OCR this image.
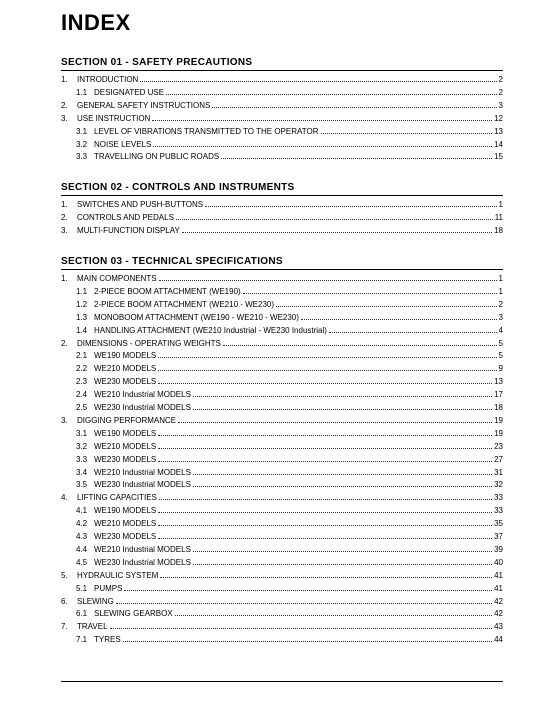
INDEX
SECTION 01 - SAFETY PRECAUTIONS
1.	INTRODUCTION	2
1.1 DESIGNATED USE	2
2.	GENERAL SAFETY INSTRUCTIONS	3
3.	USE INSTRUCTION	12
3.1 LEVEL OF VIBRATIONS TRANSMITTED TO THE OPERATOR	13
3.2 NOISE LEVELS	14
3.3 TRAVELLING ON PUBLIC ROADS	15
SECTION 02 - CONTROLS AND INSTRUMENTS
1.	SWITCHES AND PUSH-BUTTONS	1
2.	CONTROLS AND PEDALS	11
3.	MULTI-FUNCTION DISPLAY	18
SECTION 03 - TECHNICAL SPECIFICATIONS
1.	MAIN COMPONENTS	1
1.1 2-PIECE BOOM ATTACHMENT (WE190)	1
1.2 2-PIECE BOOM ATTACHMENT (WE210 - WE230)	2
1.3 MONOBOOM ATTACHMENT (WE190 - WE210 - WE230)	3
1.4 HANDLING ATTACHMENT (WE210 Industrial - WE230 Industrial)	4
2.	DIMENSIONS - OPERATING WEIGHTS	5
2.1 WE190 MODELS	5
2.2 WE210 MODELS	9
2.3 WE230 MODELS	13
2.4 WE210 Industrial MODELS	17
2.5 WE230 Industrial MODELS	18
3.	DIGGING PERFORMANCE	19
3.1 WE190 MODELS	19
3.2 WE210 MODELS	23
3.3 WE230 MODELS	27
3.4 WE210 Industrial MODELS	31
3.5 WE230 Industrial MODELS	32
4.	LIFTING CAPACITIES	33
4.1 WE190 MODELS	33
4.2 WE210 MODELS	35
4.3 WE230 MODELS	37
4.4 WE210 Industrial MODELS	39
4.5 WE230 Industrial MODELS	40
5.	HYDRAULIC SYSTEM	41
5.1 PUMPS	41
6.	SLEWING	42
6.1 SLEWING GEARBOX	42
7.	TRAVEL	43
7.1 TYRES	44
